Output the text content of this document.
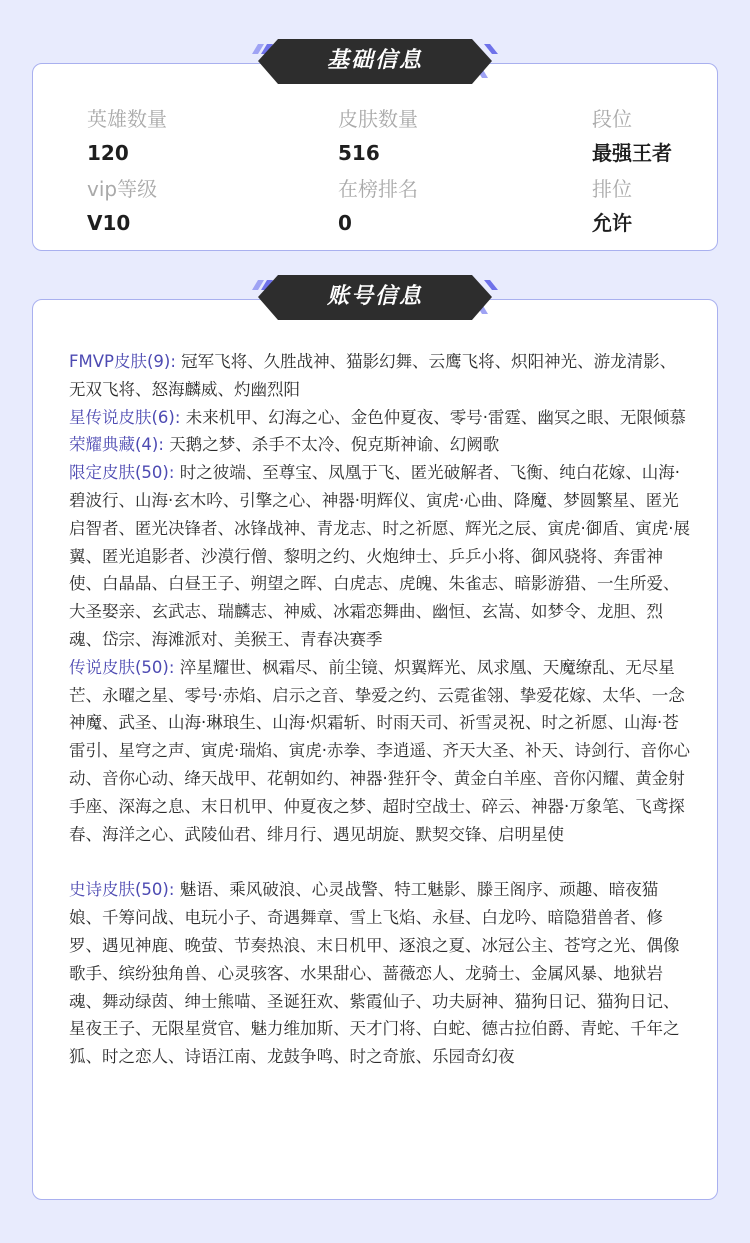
英雄数量
120
皮肤数量
516
段位
最强王者
vip等级
V10
在榜排名
0
排位
允许
基础信息
FMVP皮肤(9): 冠军飞将、久胜战神、猫影幻舞、云鹰飞将、炽阳神光、游龙清影、无双飞将、怒海麟威、灼幽烈阳
星传说皮肤(6): 未来机甲、幻海之心、金色仲夏夜、零号·雷霆、幽冥之眼、无限倾慕
荣耀典藏(4): 天鹅之梦、杀手不太冷、倪克斯神谕、幻阙歌
限定皮肤(50): 时之彼端、至尊宝、凤凰于飞、匿光破解者、飞衡、纯白花嫁、山海·碧波行、山海·玄木吟、引擎之心、神器·明辉仪、寅虎·心曲、降魔、梦圆繁星、匿光启智者、匿光决锋者、冰锋战神、青龙志、时之祈愿、辉光之辰、寅虎·御盾、寅虎·展翼、匿光追影者、沙漠行僧、黎明之约、火炮绅士、乒乒小将、御风骁将、奔雷神使、白晶晶、白昼王子、朔望之晖、白虎志、虎魄、朱雀志、暗影游猎、一生所爱、大圣娶亲、玄武志、瑞麟志、神威、冰霜恋舞曲、幽恒、玄嵩、如梦令、龙胆、烈魂、岱宗、海滩派对、美猴王、青春决赛季
传说皮肤(50): 淬星耀世、枫霜尽、前尘镜、炽翼辉光、凤求凰、天魔缭乱、无尽星芒、永曜之星、零号·赤焰、启示之音、挚爱之约、云霓雀翎、挚爱花嫁、太华、一念神魔、武圣、山海·琳琅生、山海·炽霜斩、时雨天司、祈雪灵祝、时之祈愿、山海·苍雷引、星穹之声、寅虎·瑞焰、寅虎·赤拳、李逍遥、齐天大圣、补天、诗剑行、音你心动、音你心动、绛天战甲、花朝如约、神器·狴犴令、黄金白羊座、音你闪耀、黄金射手座、深海之息、末日机甲、仲夏夜之梦、超时空战士、碎云、神器·万象笔、飞鸢探春、海洋之心、武陵仙君、绯月行、遇见胡旋、默契交锋、启明星使
史诗皮肤(50): 魅语、乘风破浪、心灵战警、特工魅影、滕王阁序、顽趣、暗夜猫娘、千筹问战、电玩小子、奇遇舞章、雪上飞焰、永昼、白龙吟、暗隐猎兽者、修罗、遇见神鹿、晚萤、节奏热浪、末日机甲、逐浪之夏、冰冠公主、苍穹之光、偶像歌手、缤纷独角兽、心灵骇客、水果甜心、蔷薇恋人、龙骑士、金属风暴、地狱岩魂、舞动绿茵、绅士熊喵、圣诞狂欢、紫霞仙子、功夫厨神、猫狗日记、猫狗日记、星夜王子、无限星赏官、魅力维加斯、天才门将、白蛇、德古拉伯爵、青蛇、千年之狐、时之恋人、诗语江南、龙鼓争鸣、时之奇旅、乐园奇幻夜
账号信息
